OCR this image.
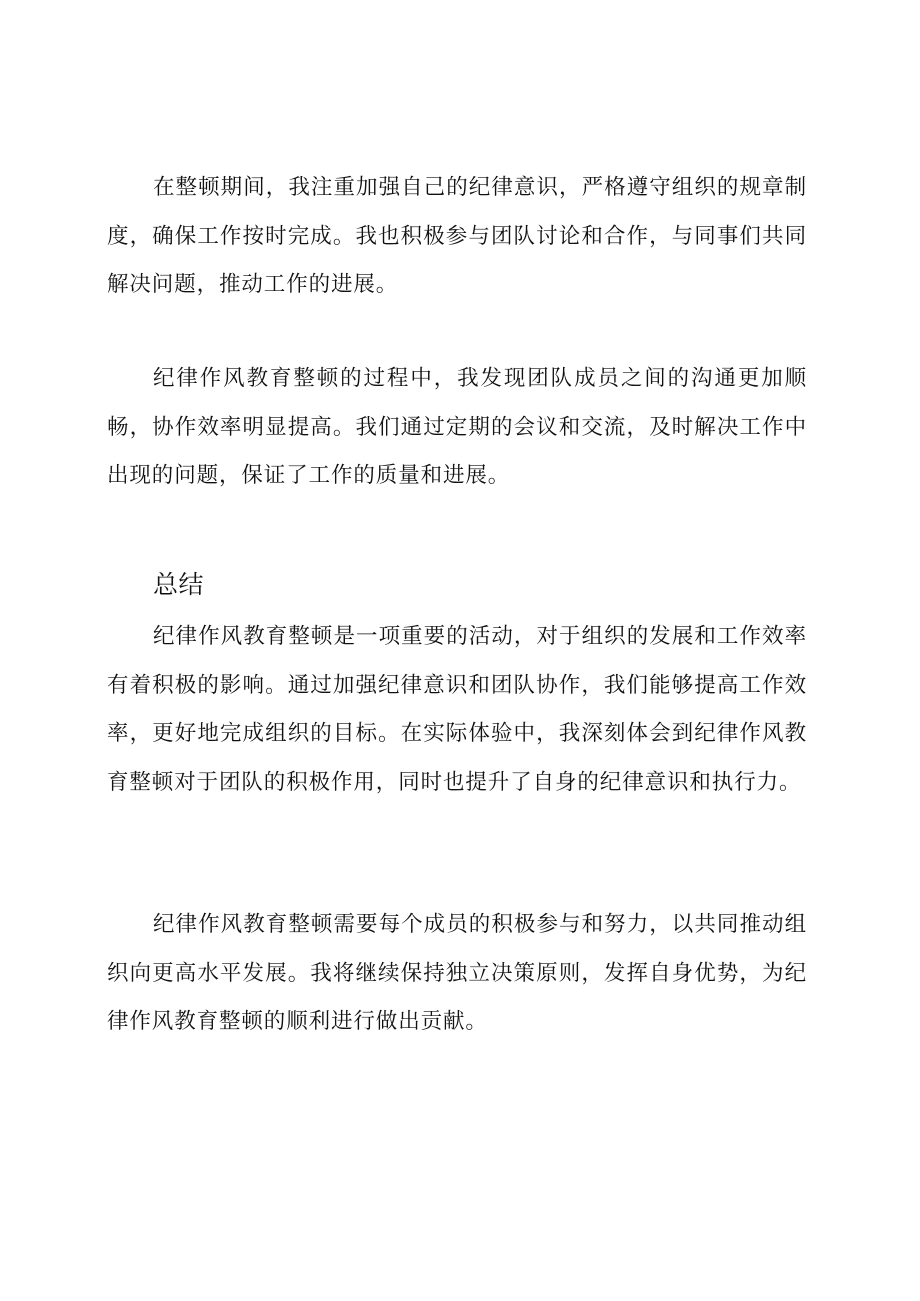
在整顿期间，我注重加强自己的纪律意识，严格遵守组织的规章制度，确保工作按时完成。我也积极参与团队讨论和合作，与同事们共同解决问题，推动工作的进展。

纪律作风教育整顿的过程中，我发现团队成员之间的沟通更加顺畅，协作效率明显提高。我们通过定期的会议和交流，及时解决工作中出现的问题，保证了工作的质量和进展。

总结

纪律作风教育整顿是一项重要的活动，对于组织的发展和工作效率有着积极的影响。通过加强纪律意识和团队协作，我们能够提高工作效率，更好地完成组织的目标。在实际体验中，我深刻体会到纪律作风教育整顿对于团队的积极作用，同时也提升了自身的纪律意识和执行力。

纪律作风教育整顿需要每个成员的积极参与和努力，以共同推动组织向更高水平发展。我将继续保持独立决策原则，发挥自身优势，为纪律作风教育整顿的顺利进行做出贡献。
